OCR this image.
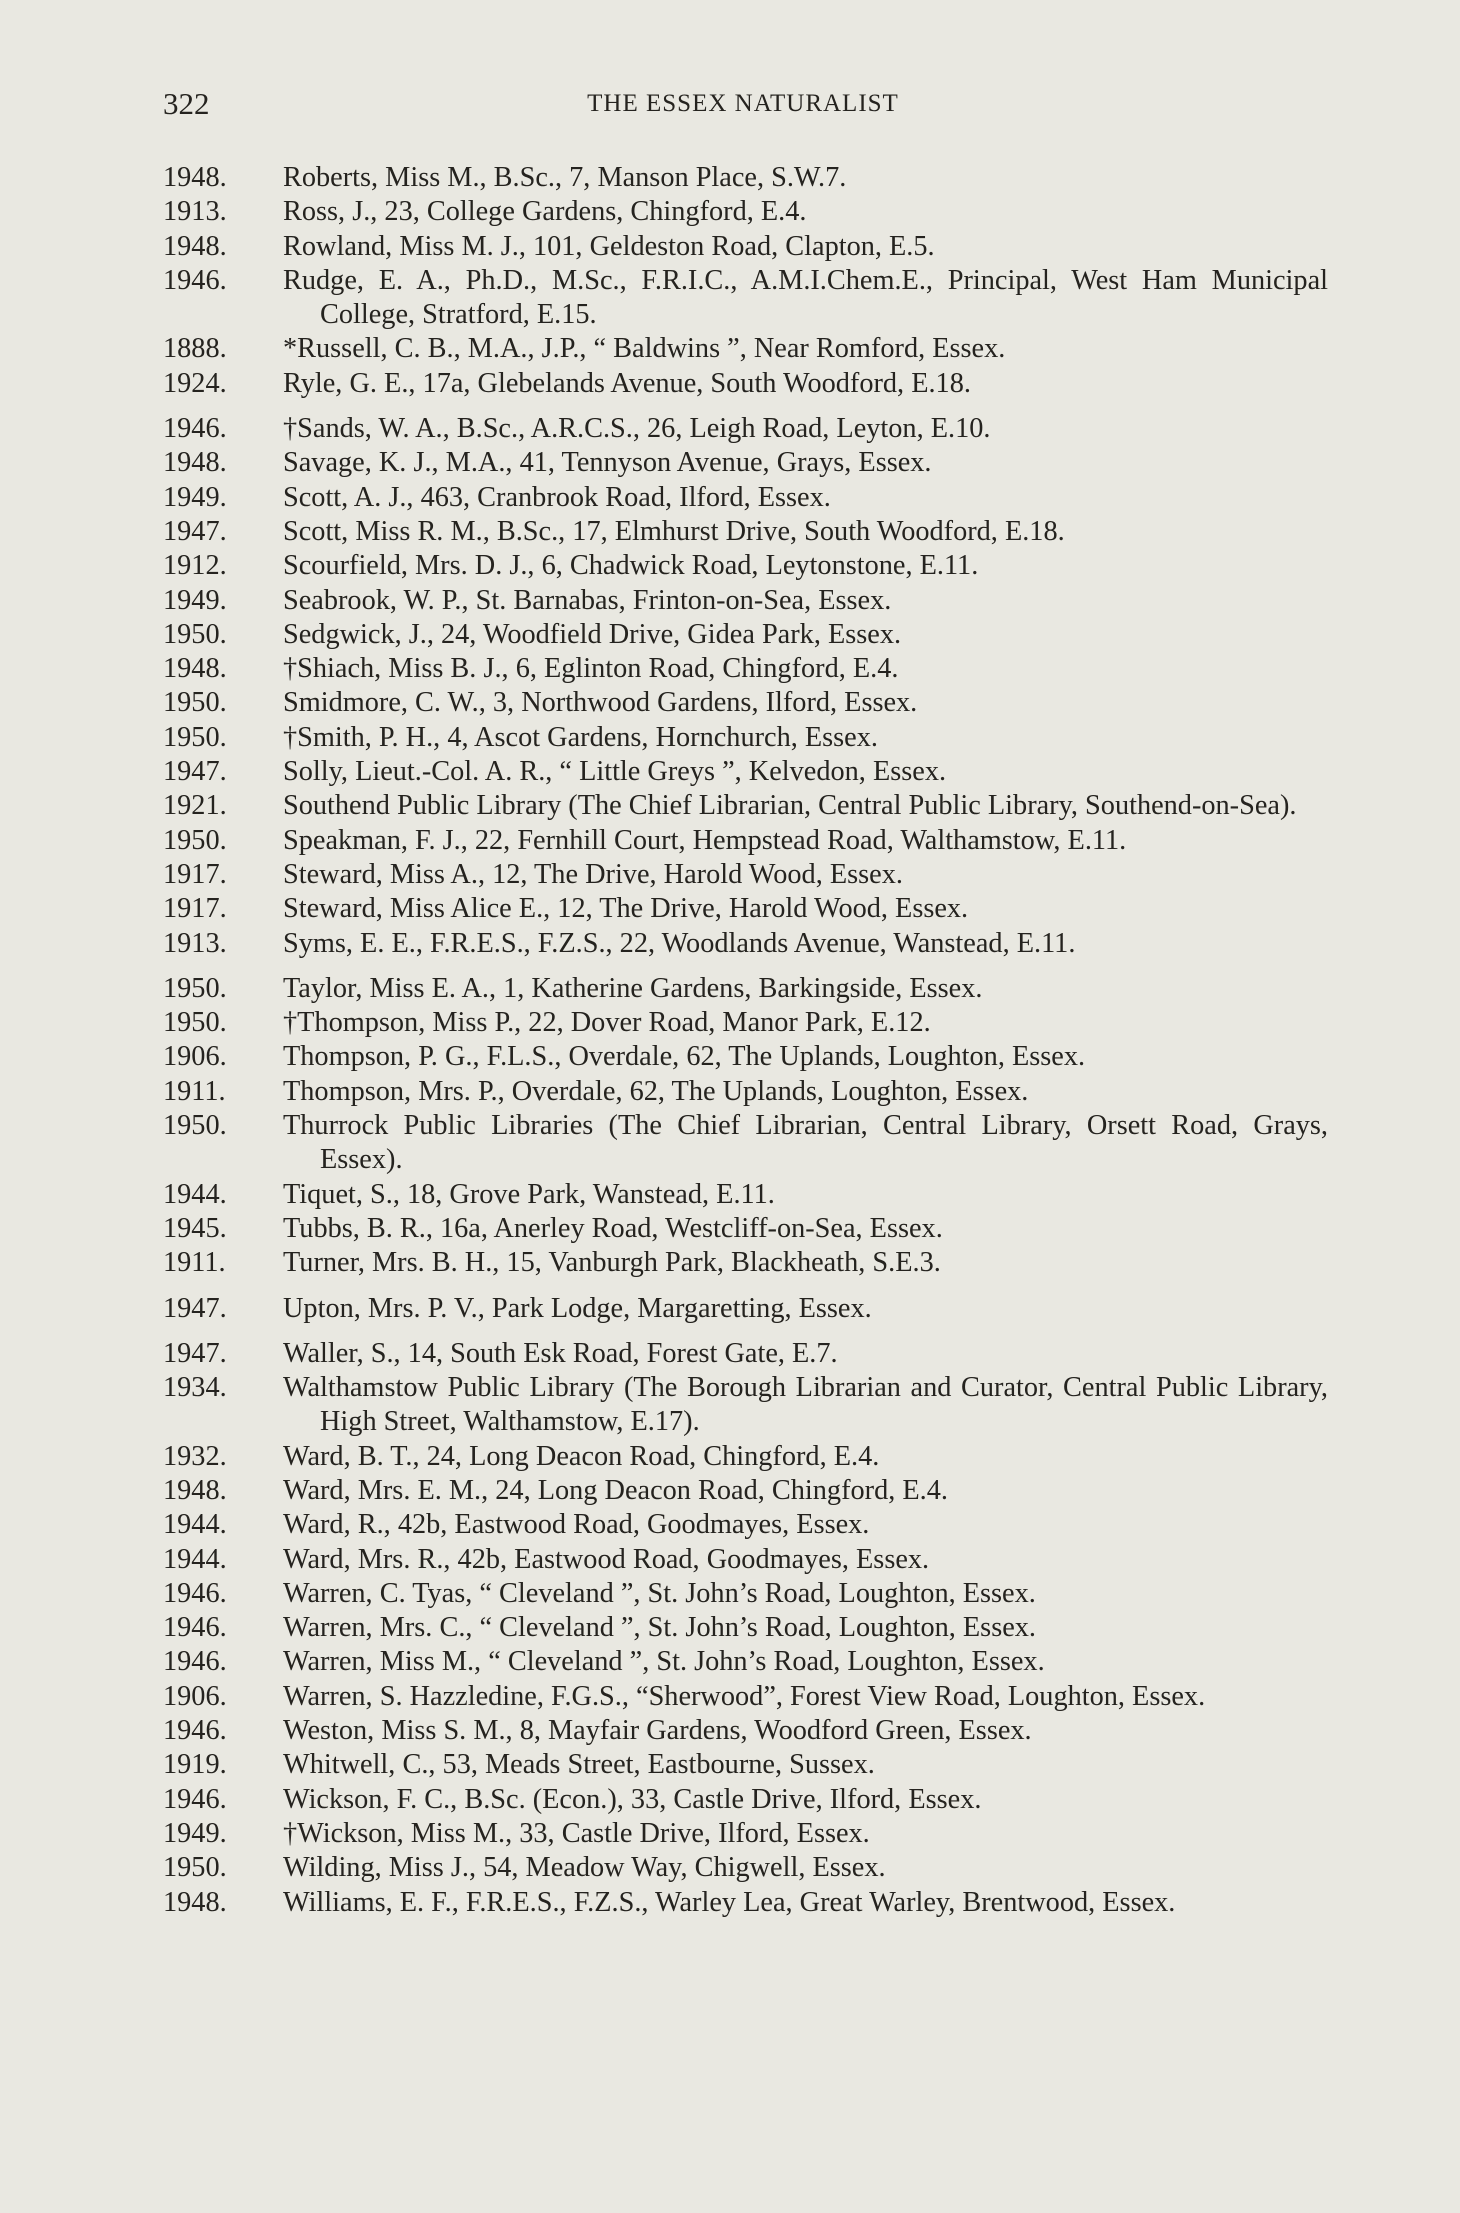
322	THE ESSEX NATURALIST
1948.	Roberts, Miss M., B.Sc., 7, Manson Place, S.W.7.
1913.	Ross, J., 23, College Gardens, Chingford, E.4.
1948.	Rowland, Miss M. J., 101, Geldeston Road, Clapton, E.5.
1946.	Rudge, E. A., Ph.D., M.Sc., F.R.I.C., A.M.I.Chem.E., Principal, West Ham Municipal College, Stratford, E.15.
1888.	*Russell, C. B., M.A., J.P., “ Baldwins ”, Near Romford, Essex.
1924.	Ryle, G. E., 17a, Glebelands Avenue, South Woodford, E.18.
1946.	†Sands, W. A., B.Sc., A.R.C.S., 26, Leigh Road, Leyton, E.10.
1948.	Savage, K. J., M.A., 41, Tennyson Avenue, Grays, Essex.
1949.	Scott, A. J., 463, Cranbrook Road, Ilford, Essex.
1947.	Scott, Miss R. M., B.Sc., 17, Elmhurst Drive, South Woodford, E.18.
1912.	Scourfield, Mrs. D. J., 6, Chadwick Road, Leytonstone, E.11.
1949.	Seabrook, W. P., St. Barnabas, Frinton-on-Sea, Essex.
1950.	Sedgwick, J., 24, Woodfield Drive, Gidea Park, Essex.
1948.	†Shiach, Miss B. J., 6, Eglinton Road, Chingford, E.4.
1950.	Smidmore, C. W., 3, Northwood Gardens, Ilford, Essex.
1950.	†Smith, P. H., 4, Ascot Gardens, Hornchurch, Essex.
1947.	Solly, Lieut.-Col. A. R., “ Little Greys ”, Kelvedon, Essex.
1921.	Southend Public Library (The Chief Librarian, Central Public Library, Southend-on-Sea).
1950.	Speakman, F. J., 22, Fernhill Court, Hempstead Road, Walthamstow, E.11.
1917.	Steward, Miss A., 12, The Drive, Harold Wood, Essex.
1917.	Steward, Miss Alice E., 12, The Drive, Harold Wood, Essex.
1913.	Syms, E. E., F.R.E.S., F.Z.S., 22, Woodlands Avenue, Wanstead, E.11.
1950.	Taylor, Miss E. A., 1, Katherine Gardens, Barkingside, Essex.
1950.	†Thompson, Miss P., 22, Dover Road, Manor Park, E.12.
1906.	Thompson, P. G., F.L.S., Overdale, 62, The Uplands, Loughton, Essex.
1911.	Thompson, Mrs. P., Overdale, 62, The Uplands, Loughton, Essex.
1950.	Thurrock Public Libraries (The Chief Librarian, Central Library, Orsett Road, Grays, Essex).
1944.	Tiquet, S., 18, Grove Park, Wanstead, E.11.
1945.	Tubbs, B. R., 16a, Anerley Road, Westcliff-on-Sea, Essex.
1911.	Turner, Mrs. B. H., 15, Vanburgh Park, Blackheath, S.E.3.
1947.	Upton, Mrs. P. V., Park Lodge, Margaretting, Essex.
1947.	Waller, S., 14, South Esk Road, Forest Gate, E.7.
1934.	Walthamstow Public Library (The Borough Librarian and Curator, Central Public Library, High Street, Walthamstow, E.17).
1932.	Ward, B. T., 24, Long Deacon Road, Chingford, E.4.
1948.	Ward, Mrs. E. M., 24, Long Deacon Road, Chingford, E.4.
1944.	Ward, R., 42b, Eastwood Road, Goodmayes, Essex.
1944.	Ward, Mrs. R., 42b, Eastwood Road, Goodmayes, Essex.
1946.	Warren, C. Tyas, “ Cleveland ”, St. John’s Road, Loughton, Essex.
1946.	Warren, Mrs. C., “ Cleveland ”, St. John’s Road, Loughton, Essex.
1946.	Warren, Miss M., “ Cleveland ”, St. John’s Road, Loughton, Essex.
1906.	Warren, S. Hazzledine, F.G.S., “Sherwood”, Forest View Road, Loughton, Essex.
1946.	Weston, Miss S. M., 8, Mayfair Gardens, Woodford Green, Essex.
1919.	Whitwell, C., 53, Meads Street, Eastbourne, Sussex.
1946.	Wickson, F. C., B.Sc. (Econ.), 33, Castle Drive, Ilford, Essex.
1949.	†Wickson, Miss M., 33, Castle Drive, Ilford, Essex.
1950.	Wilding, Miss J., 54, Meadow Way, Chigwell, Essex.
1948.	Williams, E. F., F.R.E.S., F.Z.S., Warley Lea, Great Warley, Brentwood, Essex.
